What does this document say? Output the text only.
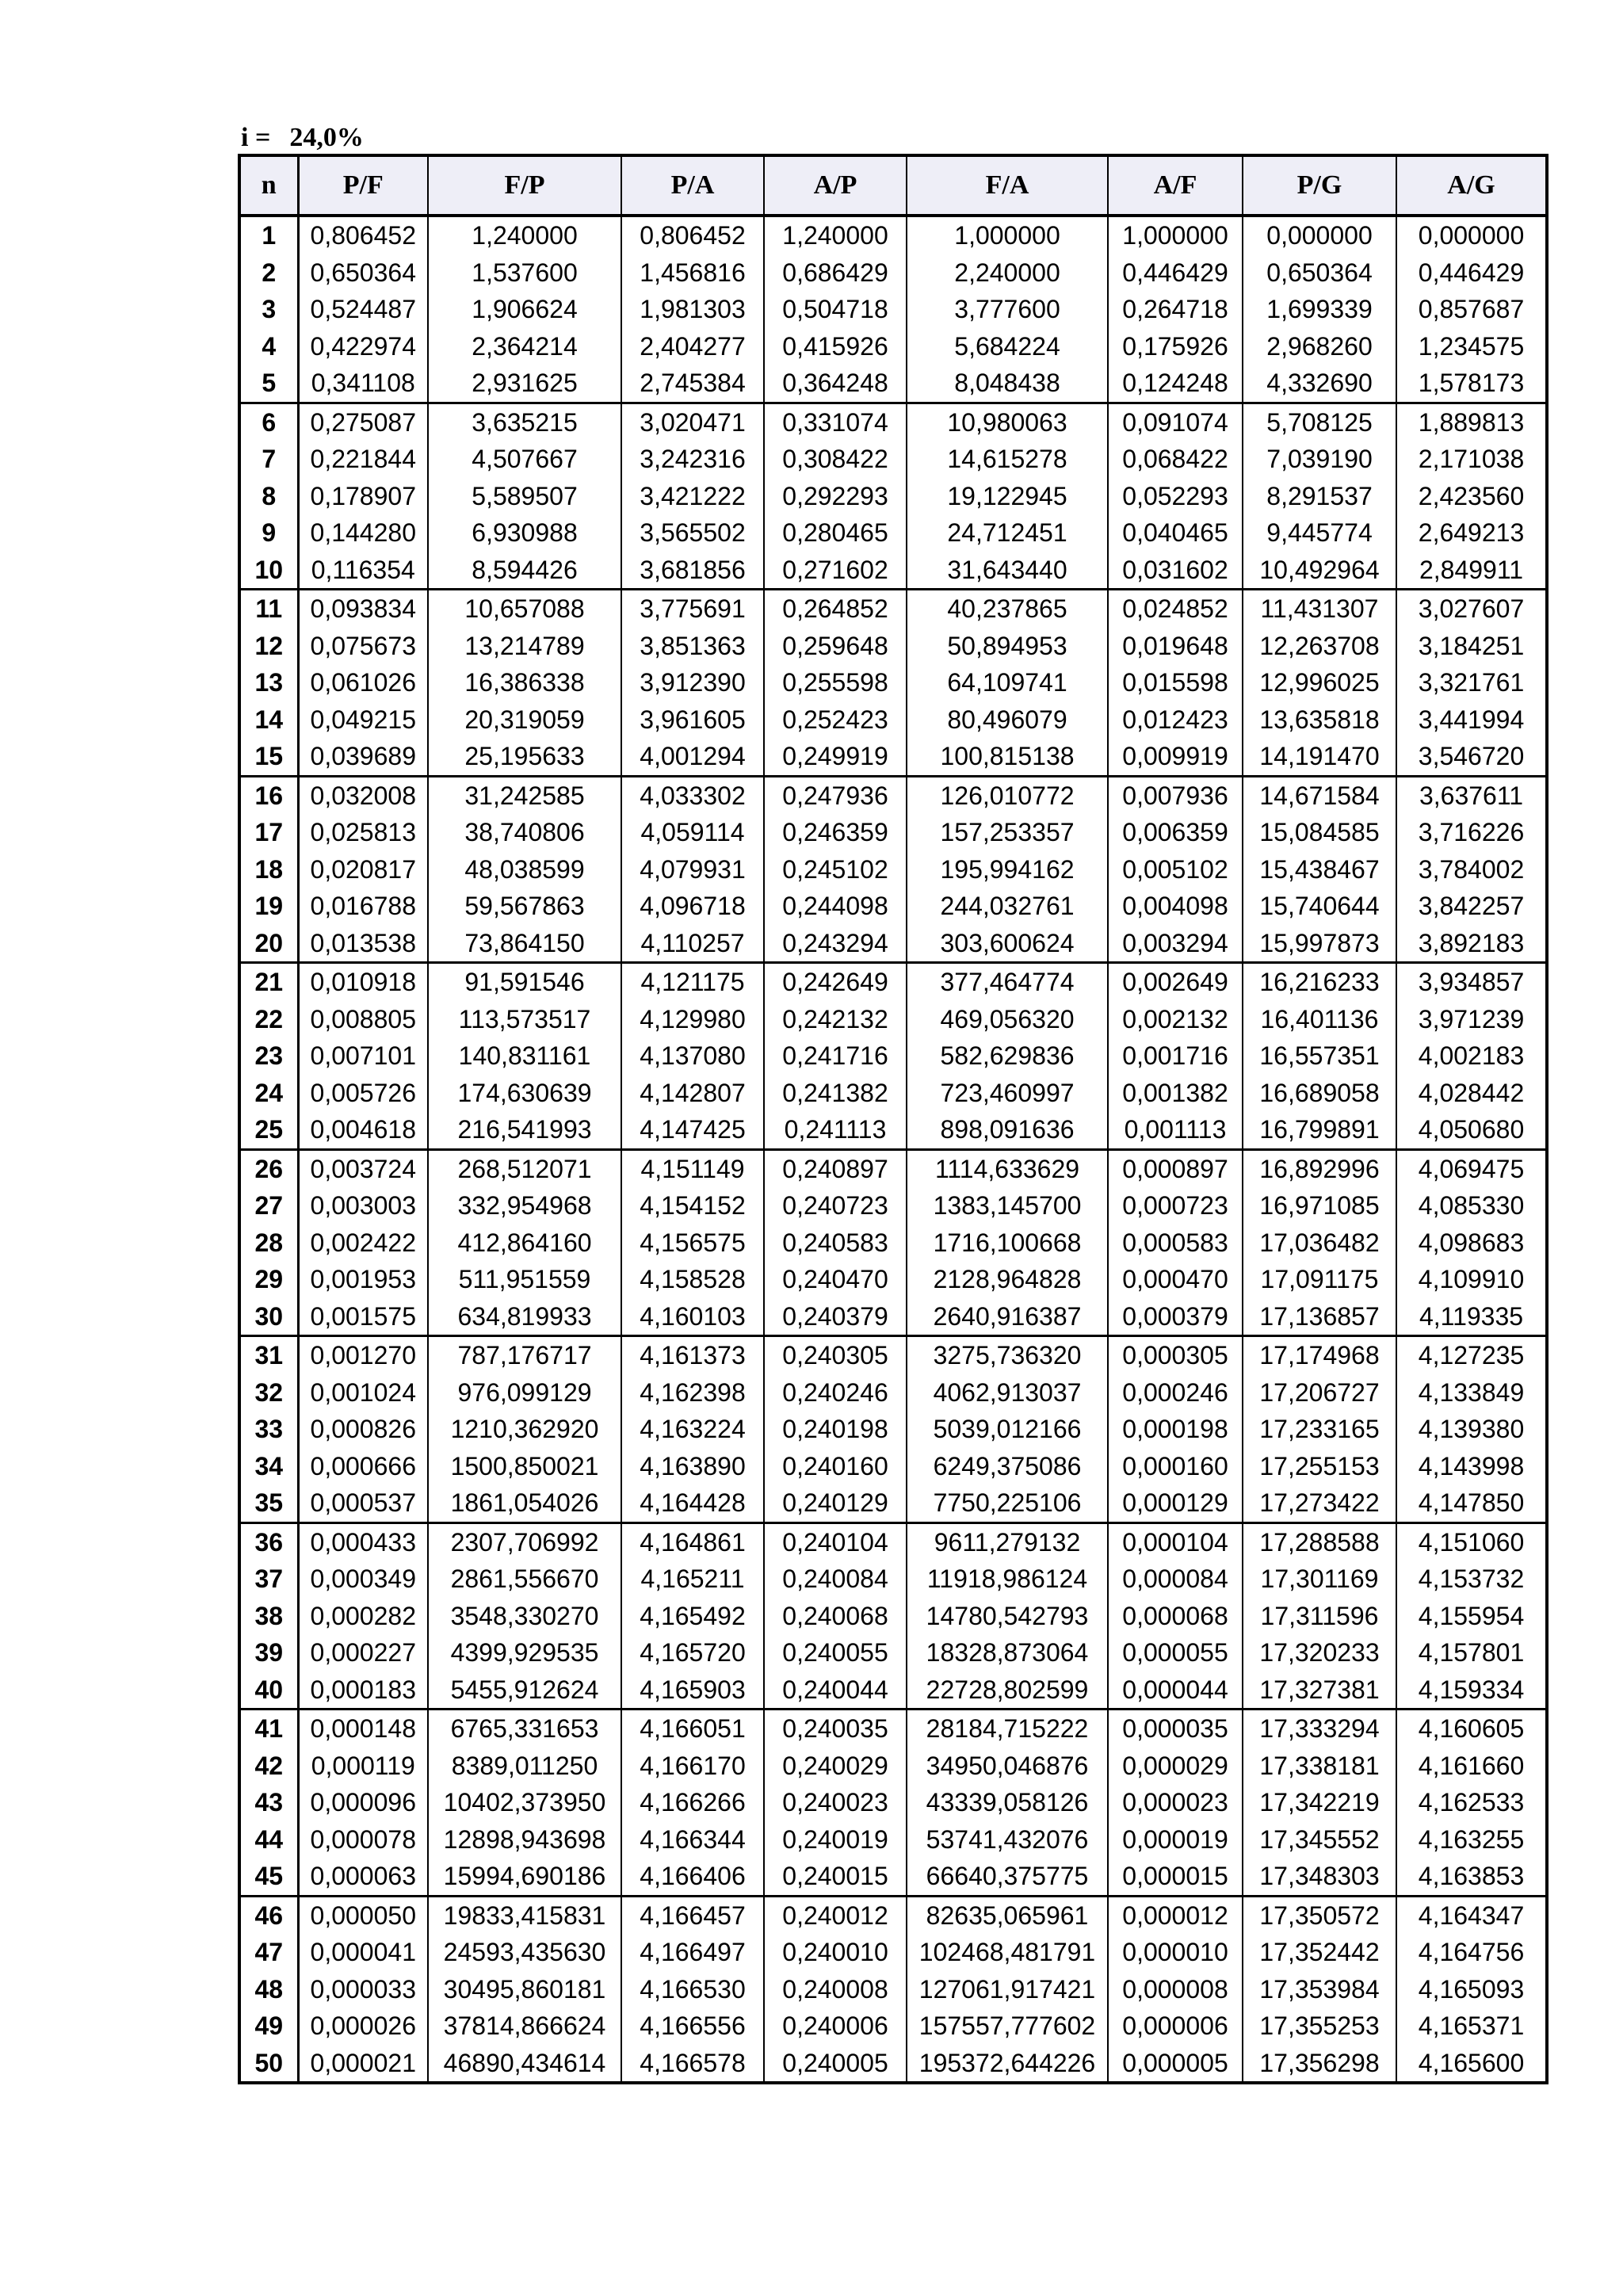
i = 24,0%
n	P/F	F/P	P/A	A/P	F/A	A/F	P/G	A/G
1	0,806452	1,240000	0,806452	1,240000	1,000000	1,000000	0,000000	0,000000
2	0,650364	1,537600	1,456816	0,686429	2,240000	0,446429	0,650364	0,446429
3	0,524487	1,906624	1,981303	0,504718	3,777600	0,264718	1,699339	0,857687
4	0,422974	2,364214	2,404277	0,415926	5,684224	0,175926	2,968260	1,234575
5	0,341108	2,931625	2,745384	0,364248	8,048438	0,124248	4,332690	1,578173
6	0,275087	3,635215	3,020471	0,331074	10,980063	0,091074	5,708125	1,889813
7	0,221844	4,507667	3,242316	0,308422	14,615278	0,068422	7,039190	2,171038
8	0,178907	5,589507	3,421222	0,292293	19,122945	0,052293	8,291537	2,423560
9	0,144280	6,930988	3,565502	0,280465	24,712451	0,040465	9,445774	2,649213
10	0,116354	8,594426	3,681856	0,271602	31,643440	0,031602	10,492964	2,849911
11	0,093834	10,657088	3,775691	0,264852	40,237865	0,024852	11,431307	3,027607
12	0,075673	13,214789	3,851363	0,259648	50,894953	0,019648	12,263708	3,184251
13	0,061026	16,386338	3,912390	0,255598	64,109741	0,015598	12,996025	3,321761
14	0,049215	20,319059	3,961605	0,252423	80,496079	0,012423	13,635818	3,441994
15	0,039689	25,195633	4,001294	0,249919	100,815138	0,009919	14,191470	3,546720
16	0,032008	31,242585	4,033302	0,247936	126,010772	0,007936	14,671584	3,637611
17	0,025813	38,740806	4,059114	0,246359	157,253357	0,006359	15,084585	3,716226
18	0,020817	48,038599	4,079931	0,245102	195,994162	0,005102	15,438467	3,784002
19	0,016788	59,567863	4,096718	0,244098	244,032761	0,004098	15,740644	3,842257
20	0,013538	73,864150	4,110257	0,243294	303,600624	0,003294	15,997873	3,892183
21	0,010918	91,591546	4,121175	0,242649	377,464774	0,002649	16,216233	3,934857
22	0,008805	113,573517	4,129980	0,242132	469,056320	0,002132	16,401136	3,971239
23	0,007101	140,831161	4,137080	0,241716	582,629836	0,001716	16,557351	4,002183
24	0,005726	174,630639	4,142807	0,241382	723,460997	0,001382	16,689058	4,028442
25	0,004618	216,541993	4,147425	0,241113	898,091636	0,001113	16,799891	4,050680
26	0,003724	268,512071	4,151149	0,240897	1114,633629	0,000897	16,892996	4,069475
27	0,003003	332,954968	4,154152	0,240723	1383,145700	0,000723	16,971085	4,085330
28	0,002422	412,864160	4,156575	0,240583	1716,100668	0,000583	17,036482	4,098683
29	0,001953	511,951559	4,158528	0,240470	2128,964828	0,000470	17,091175	4,109910
30	0,001575	634,819933	4,160103	0,240379	2640,916387	0,000379	17,136857	4,119335
31	0,001270	787,176717	4,161373	0,240305	3275,736320	0,000305	17,174968	4,127235
32	0,001024	976,099129	4,162398	0,240246	4062,913037	0,000246	17,206727	4,133849
33	0,000826	1210,362920	4,163224	0,240198	5039,012166	0,000198	17,233165	4,139380
34	0,000666	1500,850021	4,163890	0,240160	6249,375086	0,000160	17,255153	4,143998
35	0,000537	1861,054026	4,164428	0,240129	7750,225106	0,000129	17,273422	4,147850
36	0,000433	2307,706992	4,164861	0,240104	9611,279132	0,000104	17,288588	4,151060
37	0,000349	2861,556670	4,165211	0,240084	11918,986124	0,000084	17,301169	4,153732
38	0,000282	3548,330270	4,165492	0,240068	14780,542793	0,000068	17,311596	4,155954
39	0,000227	4399,929535	4,165720	0,240055	18328,873064	0,000055	17,320233	4,157801
40	0,000183	5455,912624	4,165903	0,240044	22728,802599	0,000044	17,327381	4,159334
41	0,000148	6765,331653	4,166051	0,240035	28184,715222	0,000035	17,333294	4,160605
42	0,000119	8389,011250	4,166170	0,240029	34950,046876	0,000029	17,338181	4,161660
43	0,000096	10402,373950	4,166266	0,240023	43339,058126	0,000023	17,342219	4,162533
44	0,000078	12898,943698	4,166344	0,240019	53741,432076	0,000019	17,345552	4,163255
45	0,000063	15994,690186	4,166406	0,240015	66640,375775	0,000015	17,348303	4,163853
46	0,000050	19833,415831	4,166457	0,240012	82635,065961	0,000012	17,350572	4,164347
47	0,000041	24593,435630	4,166497	0,240010	102468,481791	0,000010	17,352442	4,164756
48	0,000033	30495,860181	4,166530	0,240008	127061,917421	0,000008	17,353984	4,165093
49	0,000026	37814,866624	4,166556	0,240006	157557,777602	0,000006	17,355253	4,165371
50	0,000021	46890,434614	4,166578	0,240005	195372,644226	0,000005	17,356298	4,165600
